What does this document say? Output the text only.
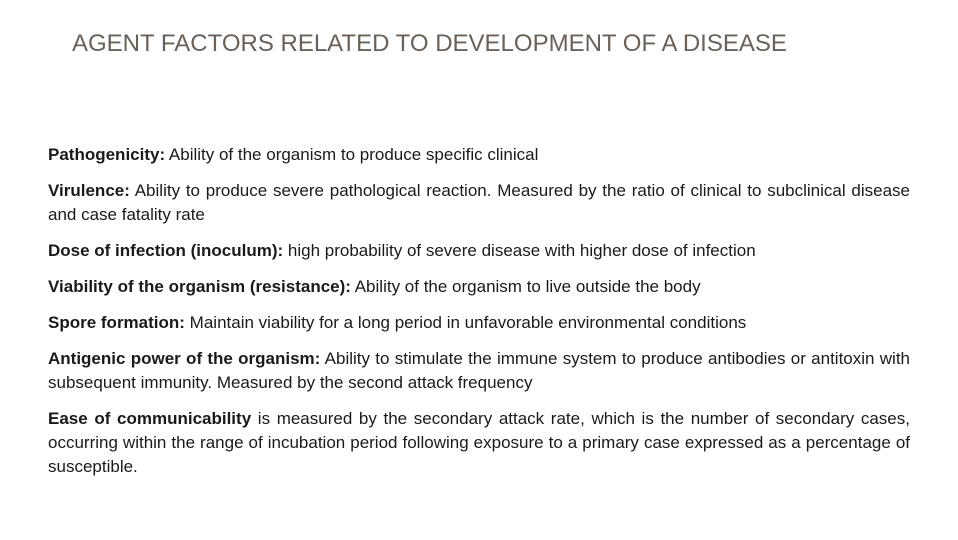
AGENT FACTORS RELATED TO DEVELOPMENT OF A DISEASE

Pathogenicity: Ability of the organism to produce specific clinical

Virulence: Ability to produce severe pathological reaction. Measured by the ratio of clinical to subclinical disease and case fatality rate

Dose of infection (inoculum): high probability of severe disease with higher dose of infection

Viability of the organism (resistance): Ability of the organism to live outside the body

Spore formation: Maintain viability for a long period in unfavorable environmental conditions

Antigenic power of the organism: Ability to stimulate the immune system to produce antibodies or antitoxin with subsequent immunity. Measured by the second attack frequency

Ease of communicability is measured by the secondary attack rate, which is the number of secondary cases, occurring within the range of incubation period following exposure to a primary case expressed as a percentage of susceptible.
